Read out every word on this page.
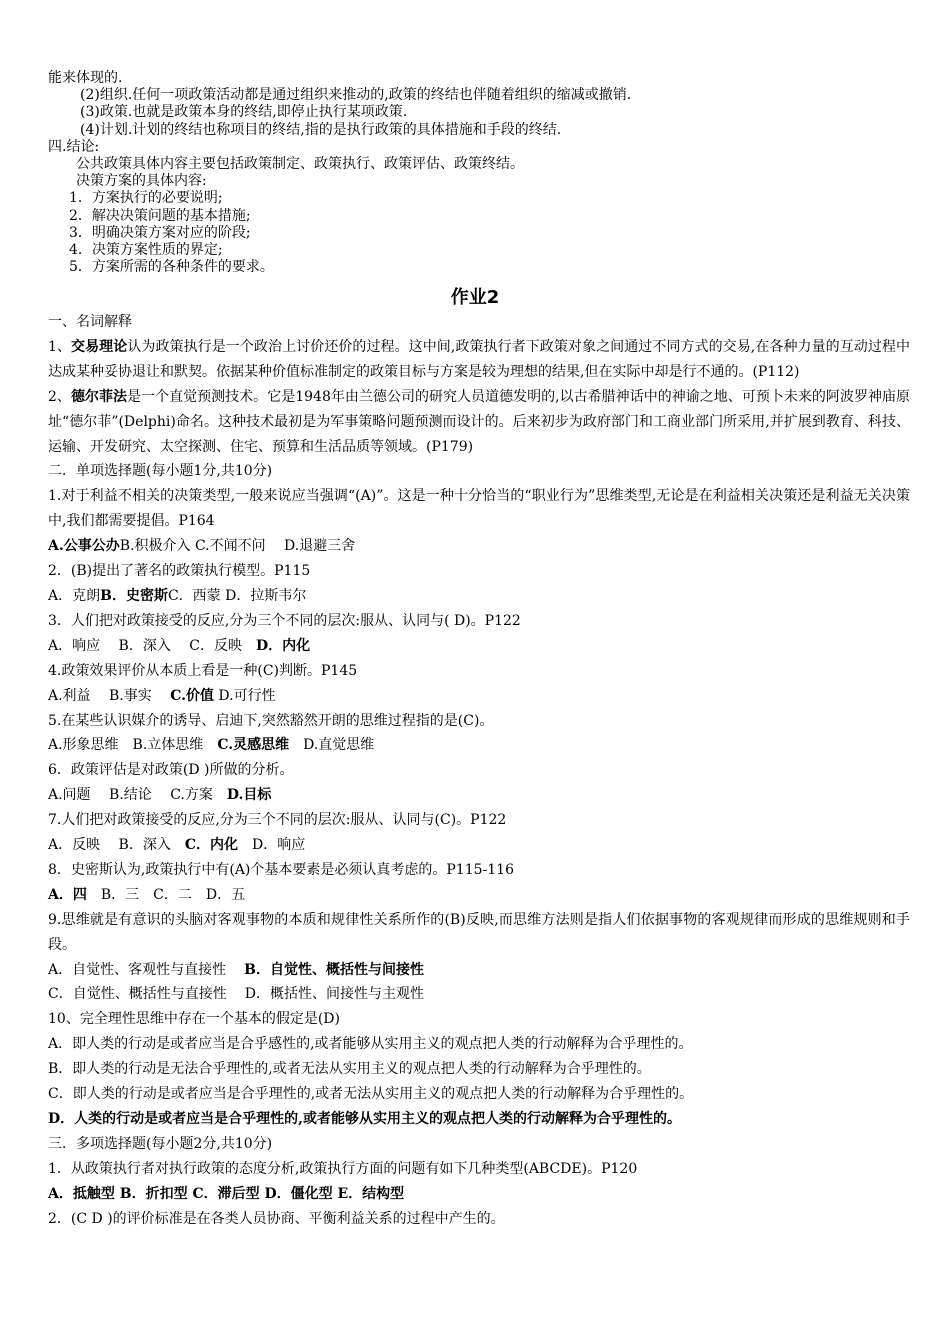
能来体现的.
(2)组织.任何一项政策活动都是通过组织来推动的,政策的终结也伴随着组织的缩减或撤销.
(3)政策.也就是政策本身的终结,即停止执行某项政策.
(4)计划.计划的终结也称项目的终结,指的是执行政策的具体措施和手段的终结.
四.结论:
公共政策具体内容主要包括政策制定、政策执行、政策评估、政策终结。
决策方案的具体内容:
1．方案执行的必要说明;
2．解决决策问题的基本措施;
3．明确决策方案对应的阶段;
4．决策方案性质的界定;
5．方案所需的各种条件的要求。
作业2
一、名词解释
1、交易理论认为政策执行是一个政治上讨价还价的过程。这中间,政策执行者下政策对象之间通过不同方式的交易,在各种力量的互动过程中达成某种妥协退让和默契。依据某种价值标准制定的政策目标与方案是较为理想的结果,但在实际中却是行不通的。(P112)
2、德尔菲法是一个直觉预测技术。它是1948年由兰德公司的研究人员道德发明的,以古希腊神话中的神谕之地、可预卜未来的阿波罗神庙原址“德尔菲”(Delphi)命名。这种技术最初是为军事策略问题预测而设计的。后来初步为政府部门和工商业部门所采用,并扩展到教育、科技、运输、开发研究、太空探测、住宅、预算和生活品质等领域。(P179)
二．单项选择题(每小题1分,共10分)
1.对于利益不相关的决策类型,一般来说应当强调“(A)”。这是一种十分恰当的“职业行为”思维类型,无论是在利益相关决策还是利益无关决策中,我们都需要提倡。P164
A.公事公办B.积极介入 C.不闻不问　 D.退避三舍
2．(B)提出了著名的政策执行模型。P115
A．克朗B．史密斯C．西蒙 D．拉斯韦尔
3．人们把对政策接受的反应,分为三个不同的层次:服从、认同与( D)。P122
A．响应　 B．深入　 C．反映　D．内化
4.政策效果评价从本质上看是一种(C)判断。P145
A.利益　 B.事实　 C.价值 D.可行性
5.在某些认识媒介的诱导、启迪下,突然豁然开朗的思维过程指的是(C)。
A.形象思维　B.立体思维　C.灵感思维　D.直觉思维
6．政策评估是对政策(D )所做的分析。
A.问题　 B.结论　 C.方案　D.目标
7.人们把对政策接受的反应,分为三个不同的层次:服从、认同与(C)。P122
A．反映　 B．深入　C．内化　D．响应
8．史密斯认为,政策执行中有(A)个基本要素是必须认真考虑的。P115-116
A．四　B．三　C．二　D．五
9.思维就是有意识的头脑对客观事物的本质和规律性关系所作的(B)反映,而思维方法则是指人们依据事物的客观规律而形成的思维规则和手段。
A．自觉性、客观性与直接性 B．自觉性、概括性与间接性
C．自觉性、概括性与直接性 D．概括性、间接性与主观性
10、完全理性思维中存在一个基本的假定是(D)
A．即人类的行动是或者应当是合乎感性的,或者能够从实用主义的观点把人类的行动解释为合乎理性的。
B．即人类的行动是无法合乎理性的,或者无法从实用主义的观点把人类的行动解释为合乎理性的。
C．即人类的行动是或者应当是合乎理性的,或者无法从实用主义的观点把人类的行动解释为合乎理性的。
D．人类的行动是或者应当是合乎理性的,或者能够从实用主义的观点把人类的行动解释为合乎理性的。
三．多项选择题(每小题2分,共10分)
1．从政策执行者对执行政策的态度分析,政策执行方面的问题有如下几种类型(ABCDE)。P120
A．抵触型 B．折扣型 C．滞后型 D．僵化型 E．结构型
2．(C D )的评价标准是在各类人员协商、平衡利益关系的过程中产生的。
